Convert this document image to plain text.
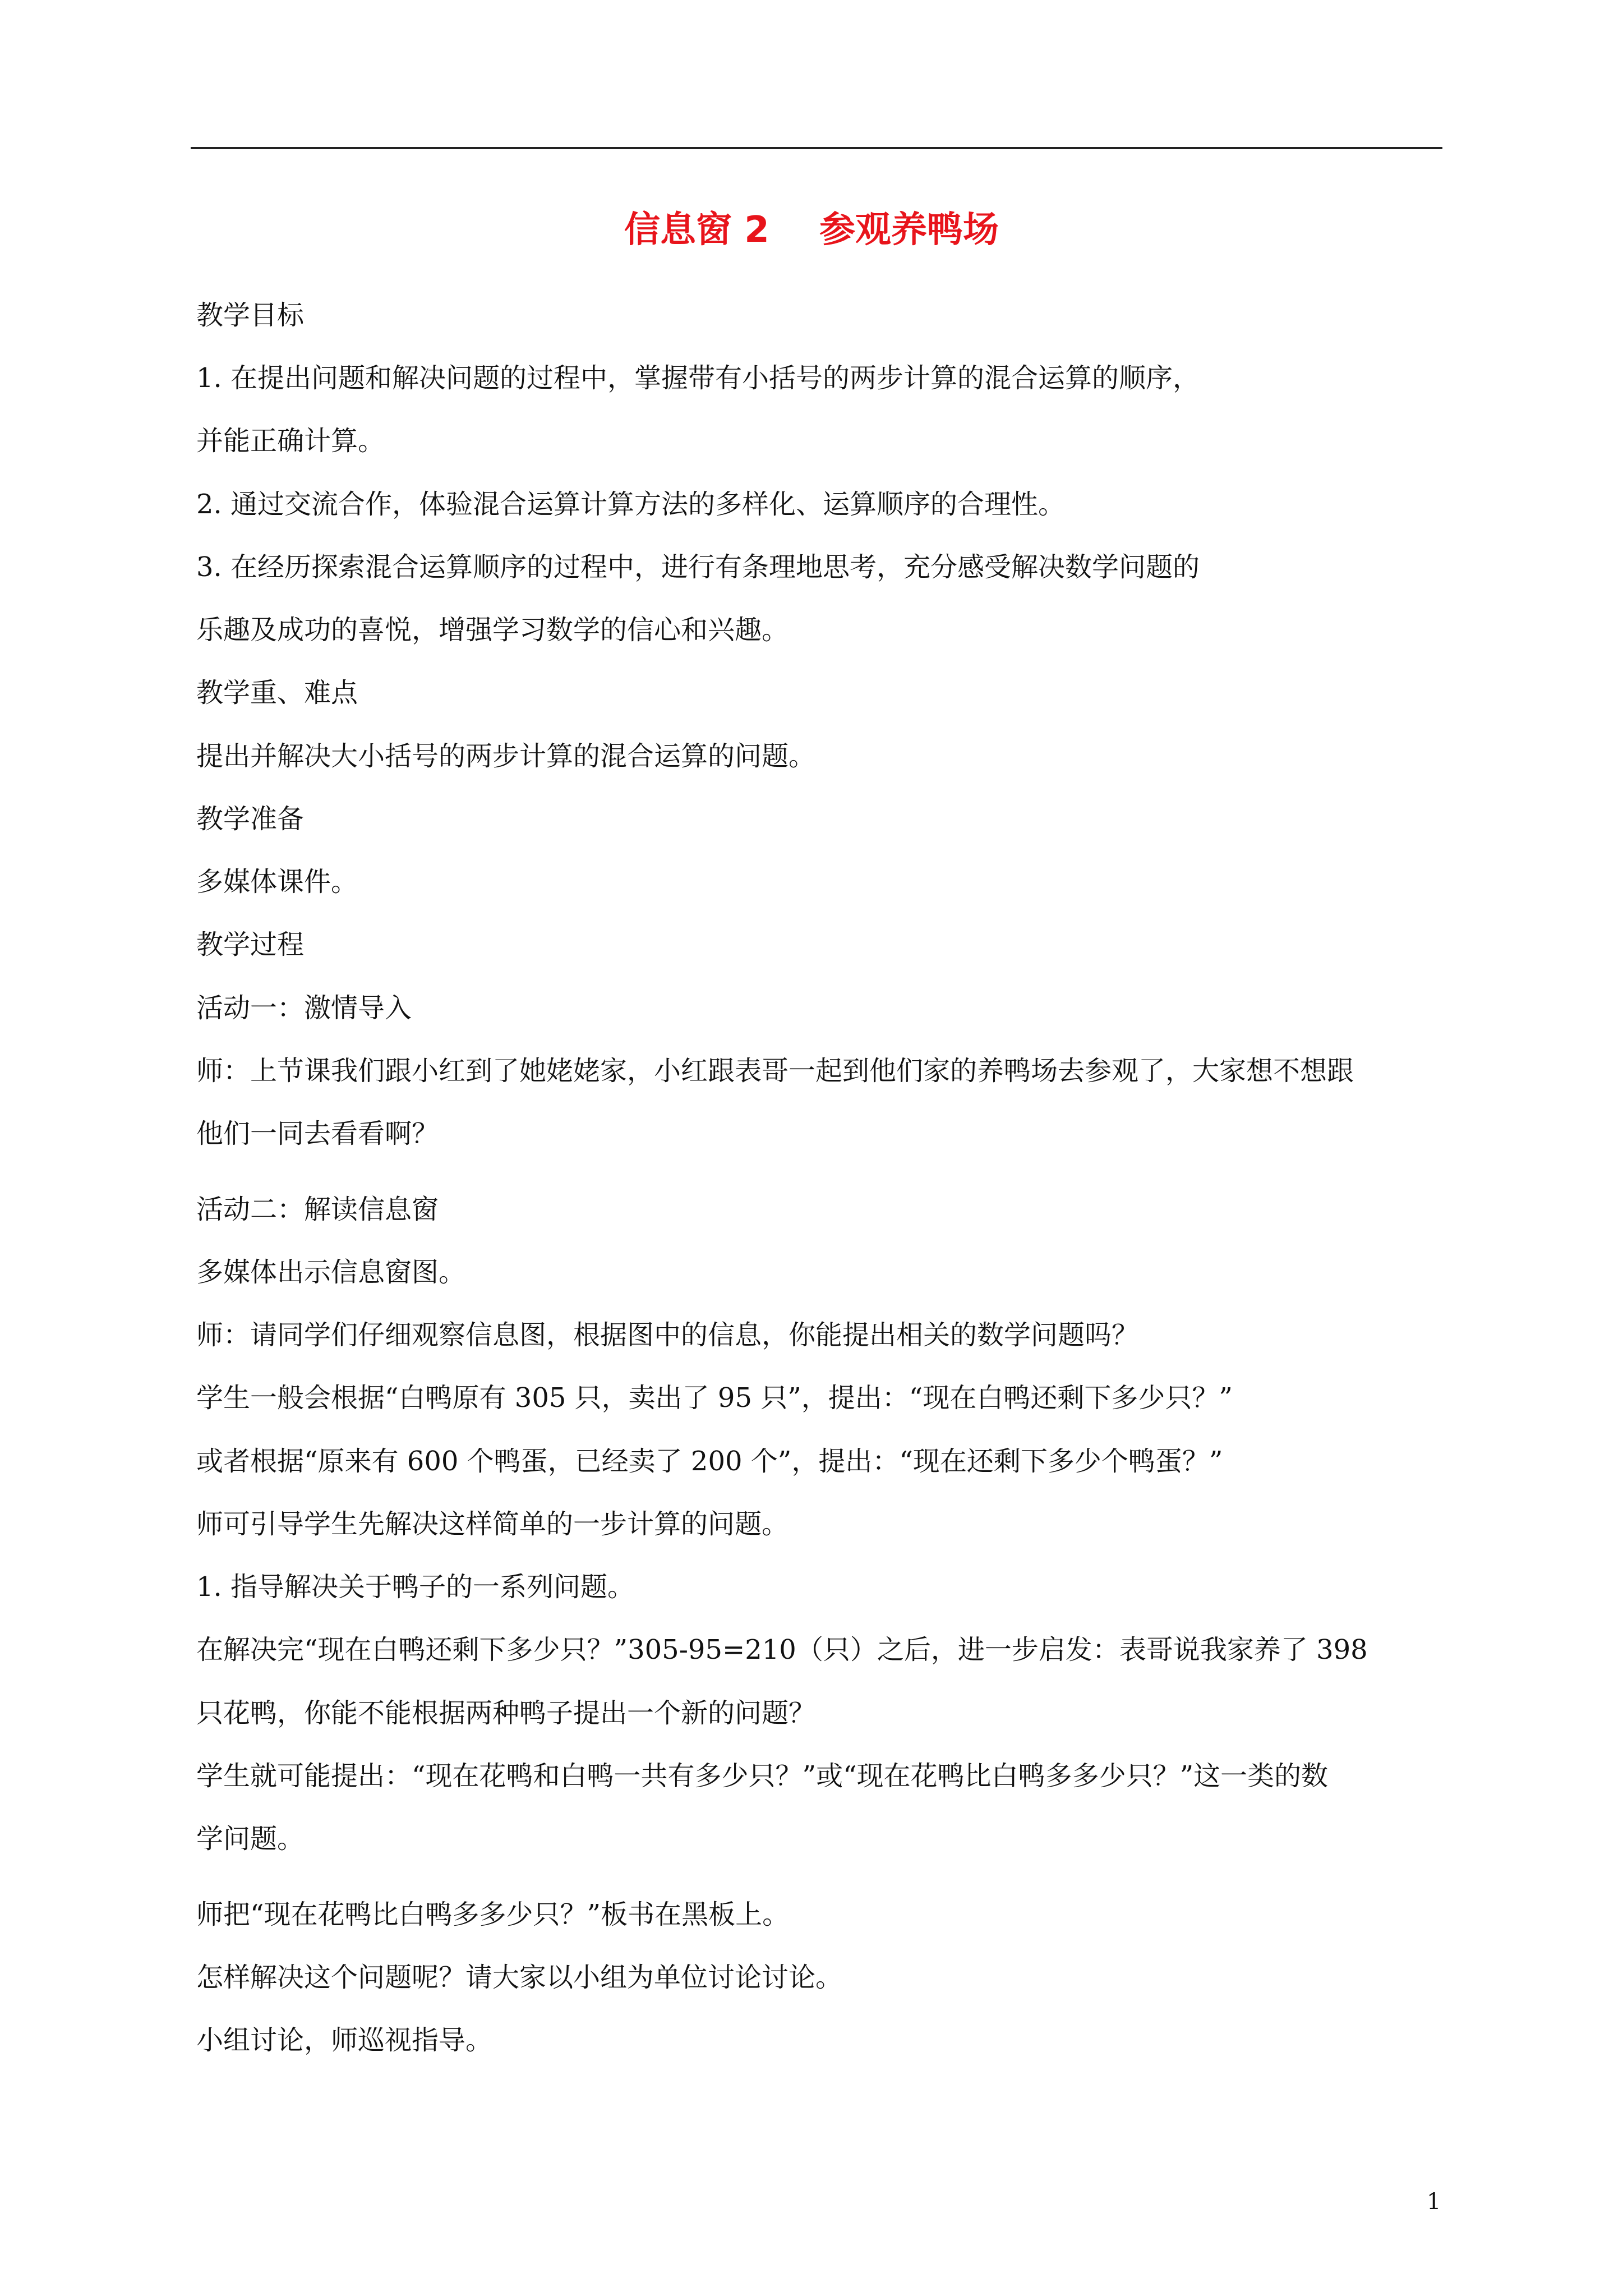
信息窗 2    参观养鸭场

教学目标

1. 在提出问题和解决问题的过程中，掌握带有小括号的两步计算的混合运算的顺序，

并能正确计算。

2. 通过交流合作，体验混合运算计算方法的多样化、运算顺序的合理性。

3. 在经历探索混合运算顺序的过程中，进行有条理地思考，充分感受解决数学问题的

乐趣及成功的喜悦，增强学习数学的信心和兴趣。

教学重、难点

提出并解决大小括号的两步计算的混合运算的问题。

教学准备

多媒体课件。

教学过程

活动一：激情导入

师：上节课我们跟小红到了她姥姥家，小红跟表哥一起到他们家的养鸭场去参观了，大家想不想跟

他们一同去看看啊？

活动二：解读信息窗

多媒体出示信息窗图。

师：请同学们仔细观察信息图，根据图中的信息，你能提出相关的数学问题吗？

学生一般会根据“白鸭原有 305 只，卖出了 95 只”，提出：“现在白鸭还剩下多少只？”

或者根据“原来有 600 个鸭蛋，已经卖了 200 个”，提出：“现在还剩下多少个鸭蛋？”

师可引导学生先解决这样简单的一步计算的问题。

1. 指导解决关于鸭子的一系列问题。

在解决完“现在白鸭还剩下多少只？”305-95=210（只）之后，进一步启发：表哥说我家养了 398

只花鸭，你能不能根据两种鸭子提出一个新的问题？

学生就可能提出：“现在花鸭和白鸭一共有多少只？”或“现在花鸭比白鸭多多少只？”这一类的数

学问题。

师把“现在花鸭比白鸭多多少只？”板书在黑板上。

怎样解决这个问题呢？请大家以小组为单位讨论讨论。

小组讨论，师巡视指导。

1
